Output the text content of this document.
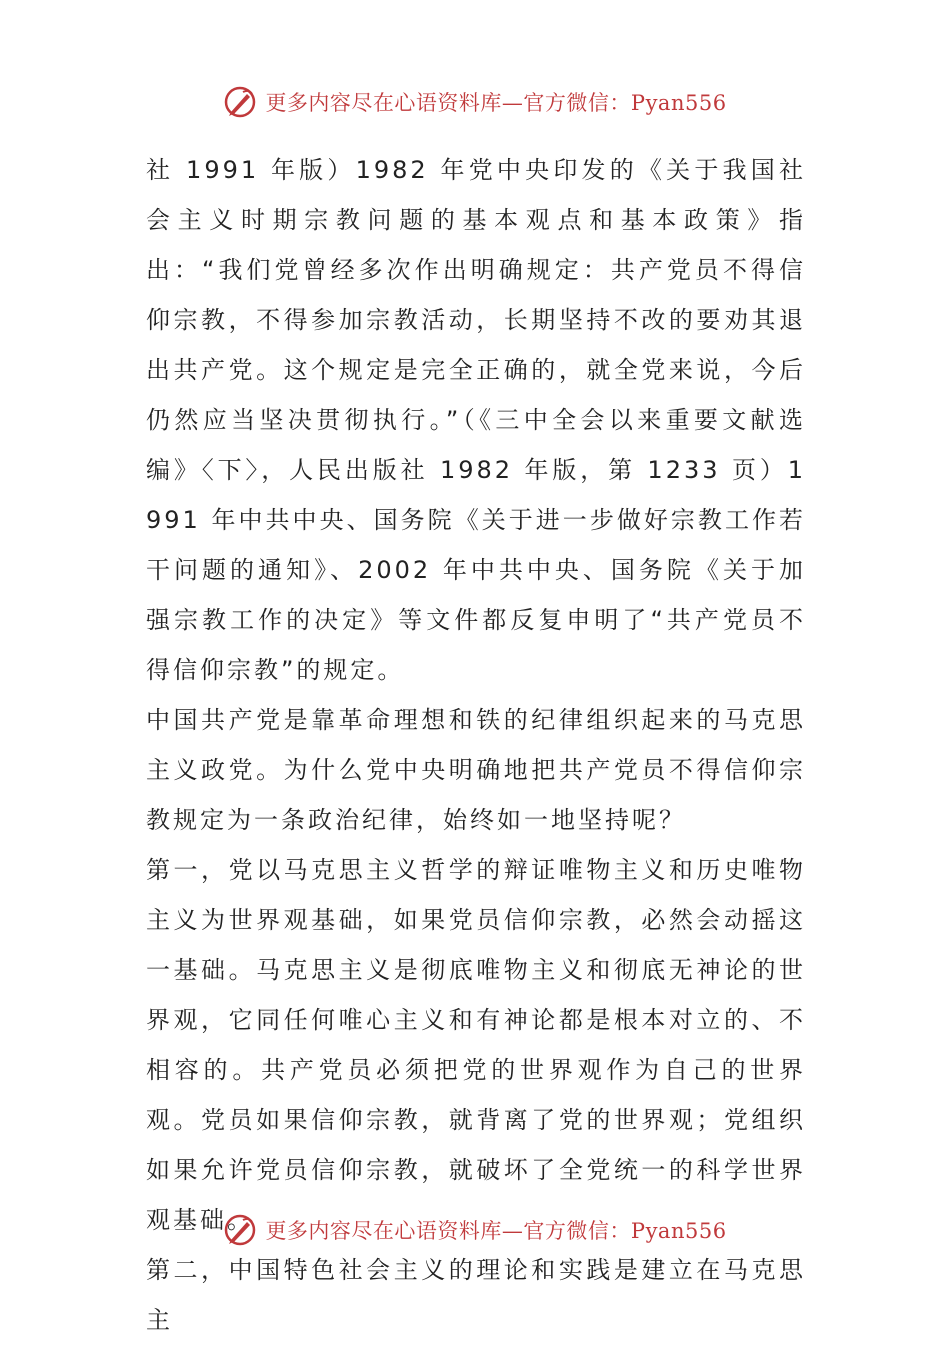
更多内容尽在心语资料库—官方微信：Pyan556

社 1991 年版）1982 年党中央印发的《关于我国社会主义时期宗教问题的基本观点和基本政策》指出：“我们党曾经多次作出明确规定：共产党员不得信仰宗教，不得参加宗教活动，长期坚持不改的要劝其退出共产党。这个规定是完全正确的，就全党来说，今后仍然应当坚决贯彻执行。”（《三中全会以来重要文献选编》〈下〉，人民出版社 1982 年版，第 1233 页）1991 年中共中央、国务院《关于进一步做好宗教工作若干问题的通知》、2002 年中共中央、国务院《关于加强宗教工作的决定》等文件都反复申明了“共产党员不得信仰宗教”的规定。

中国共产党是靠革命理想和铁的纪律组织起来的马克思主义政党。为什么党中央明确地把共产党员不得信仰宗教规定为一条政治纪律，始终如一地坚持呢？

第一，党以马克思主义哲学的辩证唯物主义和历史唯物主义为世界观基础，如果党员信仰宗教，必然会动摇这一基础。马克思主义是彻底唯物主义和彻底无神论的世界观，它同任何唯心主义和有神论都是根本对立的、不相容的。共产党员必须把党的世界观作为自己的世界观。党员如果信仰宗教，就背离了党的世界观；党组织如果允许党员信仰宗教，就破坏了全党统一的科学世界观基础。

第二，中国特色社会主义的理论和实践是建立在马克思主

更多内容尽在心语资料库—官方微信：Pyan556
